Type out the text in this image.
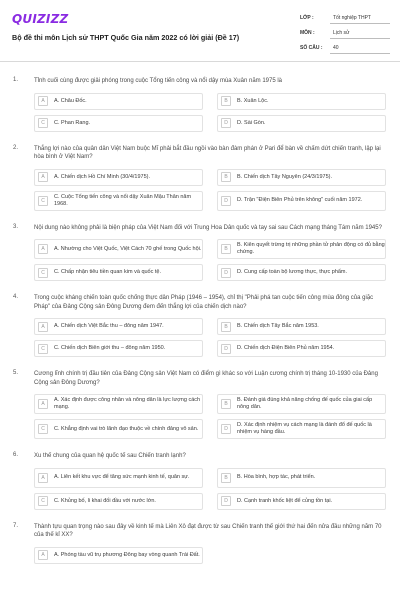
QUIZIZZ
Bộ đề thi môn Lịch sử THPT Quốc Gia năm 2022 có lời giải (Đề 17)
LỚP :	Tốt nghiệp THPT
MÔN :	Lịch sử
SỐ CÂU :	40
1.	Tỉnh cuối cùng được giải phóng trong cuộc Tổng tiến công và nổi dậy mùa Xuân năm 1975 là
A	A. Châu Đốc.	B	B. Xuân Lộc.
C	C. Phan Rang.	D	D. Sài Gòn.
2.	Thắng lợi nào của quân dân Việt Nam buộc Mĩ phải bắt đầu ngồi vào bàn đàm phán ở Pari để bàn về chấm dứt chiến tranh, lập lại hòa bình ở Việt Nam?
A	A. Chiến dịch Hồ Chí Minh (30/4/1975).	B	B. Chiến dịch Tây Nguyên (24/3/1975).
C
C. Cuộc Tổng tiến công và nổi dậy Xuân Mậu Thân năm 1968.	D	D. Trận "Điện Biên Phủ trên không" cuối năm 1972.
3.	Nội dung nào không phải là biện pháp của Việt Nam đối với Trung Hoa Dân quốc và tay sai sau Cách mạng tháng Tám năm 1945?
A	A. Nhường cho Việt Quốc, Việt Cách 70 ghế trong Quốc hội.	B
B. Kiên quyết trừng trị những phần tử phản động có đủ bằng chứng.
C	C. Chấp nhận tiêu tiền quan kim và quốc tệ.	D	D. Cung cấp toàn bộ lương thực, thực phẩm.
4.	Trong cuộc kháng chiến toàn quốc chống thực dân Pháp (1946 – 1954), chỉ thị "Phải phá tan cuộc tiến công mùa đông của giặc Pháp" của Đảng Cộng sản Đông Dương đem đến thắng lợi của chiến dịch nào?
A	A. Chiến dịch Việt Bắc thu – đông năm 1947.	B	B. Chiến dịch Tây Bắc năm 1953.
C	C. Chiến dịch Biên giới thu – đông năm 1950.	D	D. Chiến dịch Điện Biên Phủ năm 1954.
5.	Cương lĩnh chính trị đầu tiên của Đảng Cộng sản Việt Nam có điểm gì khác so với Luận cương chính trị tháng 10-1930 của Đảng Cộng sản Đông Dương?
A
A. Xác định được công nhân và nông dân là lực lượng cách mạng.	B
B. Đánh giá đúng khả năng chống đế quốc của giai cấp nông dân.
C	C. Khẳng định vai trò lãnh đạo thuộc về chính đảng vô sản.	D
D. Xác định nhiệm vụ cách mạng là đánh đổ đế quốc là nhiệm vụ hàng đầu.
6.	Xu thế chung của quan hệ quốc tế sau Chiến tranh lạnh?
A	A. Liên kết khu vực để tăng sức mạnh kinh tế, quân sự.	B	B. Hòa bình, hợp tác, phát triển.
C	C. Khủng bố, li khai đối đầu với nước lớn.	D	D. Cạnh tranh khốc liệt để củng tồn tại.
7.	Thành tựu quan trọng nào sau đây về kinh tế mà Liên Xô đạt được từ sau Chiến tranh thế giới thứ hai đến nửa đầu những năm 70 của thế kỉ XX?
A	A. Phóng tàu vũ trụ phương Đông bay vòng quanh Trái Đất.
